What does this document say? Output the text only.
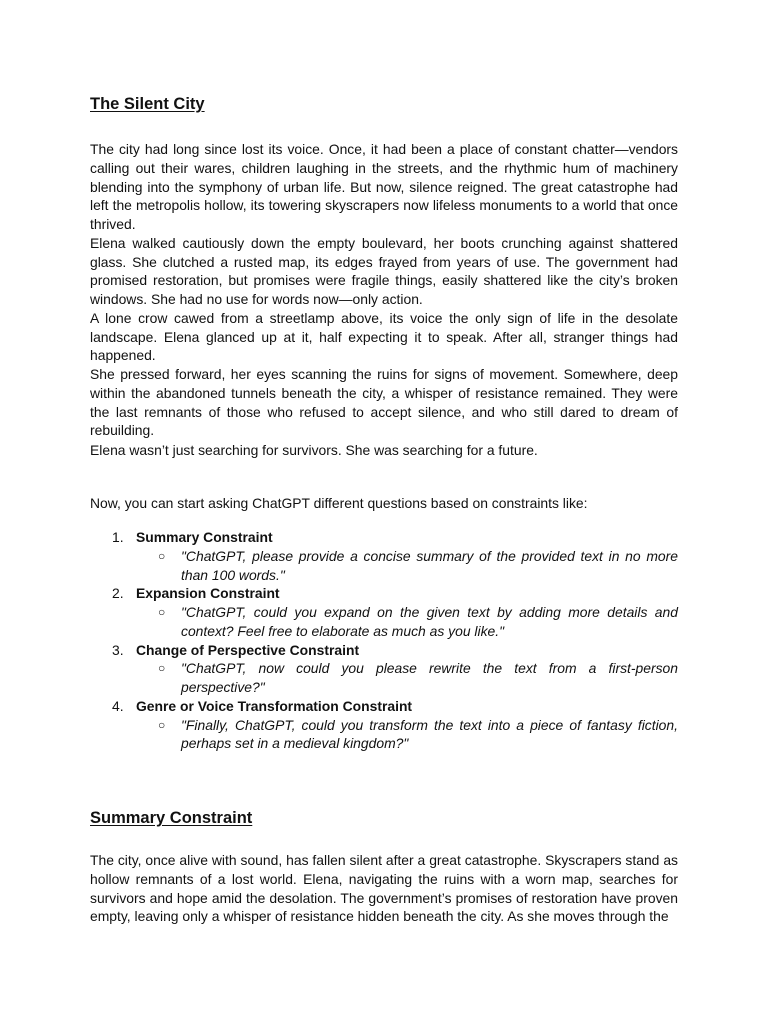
The Silent City

The city had long since lost its voice. Once, it had been a place of constant chatter—vendors calling out their wares, children laughing in the streets, and the rhythmic hum of machinery blending into the symphony of urban life. But now, silence reigned. The great catastrophe had left the metropolis hollow, its towering skyscrapers now lifeless monuments to a world that once thrived.

Elena walked cautiously down the empty boulevard, her boots crunching against shattered glass. She clutched a rusted map, its edges frayed from years of use. The government had promised restoration, but promises were fragile things, easily shattered like the city’s broken windows. She had no use for words now—only action.

A lone crow cawed from a streetlamp above, its voice the only sign of life in the desolate landscape. Elena glanced up at it, half expecting it to speak. After all, stranger things had happened.

She pressed forward, her eyes scanning the ruins for signs of movement. Somewhere, deep within the abandoned tunnels beneath the city, a whisper of resistance remained. They were the last remnants of those who refused to accept silence, and who still dared to dream of rebuilding.

Elena wasn’t just searching for survivors. She was searching for a future.

Now, you can start asking ChatGPT different questions based on constraints like:

1. Summary Constraint
○ "ChatGPT, please provide a concise summary of the provided text in no more than 100 words."
2. Expansion Constraint
○ "ChatGPT, could you expand on the given text by adding more details and context? Feel free to elaborate as much as you like."
3. Change of Perspective Constraint
○ "ChatGPT, now could you please rewrite the text from a first-person perspective?"
4. Genre or Voice Transformation Constraint
○ "Finally, ChatGPT, could you transform the text into a piece of fantasy fiction, perhaps set in a medieval kingdom?"
Summary Constraint

The city, once alive with sound, has fallen silent after a great catastrophe. Skyscrapers stand as hollow remnants of a lost world. Elena, navigating the ruins with a worn map, searches for survivors and hope amid the desolation. The government’s promises of restoration have proven empty, leaving only a whisper of resistance hidden beneath the city. As she moves through the
